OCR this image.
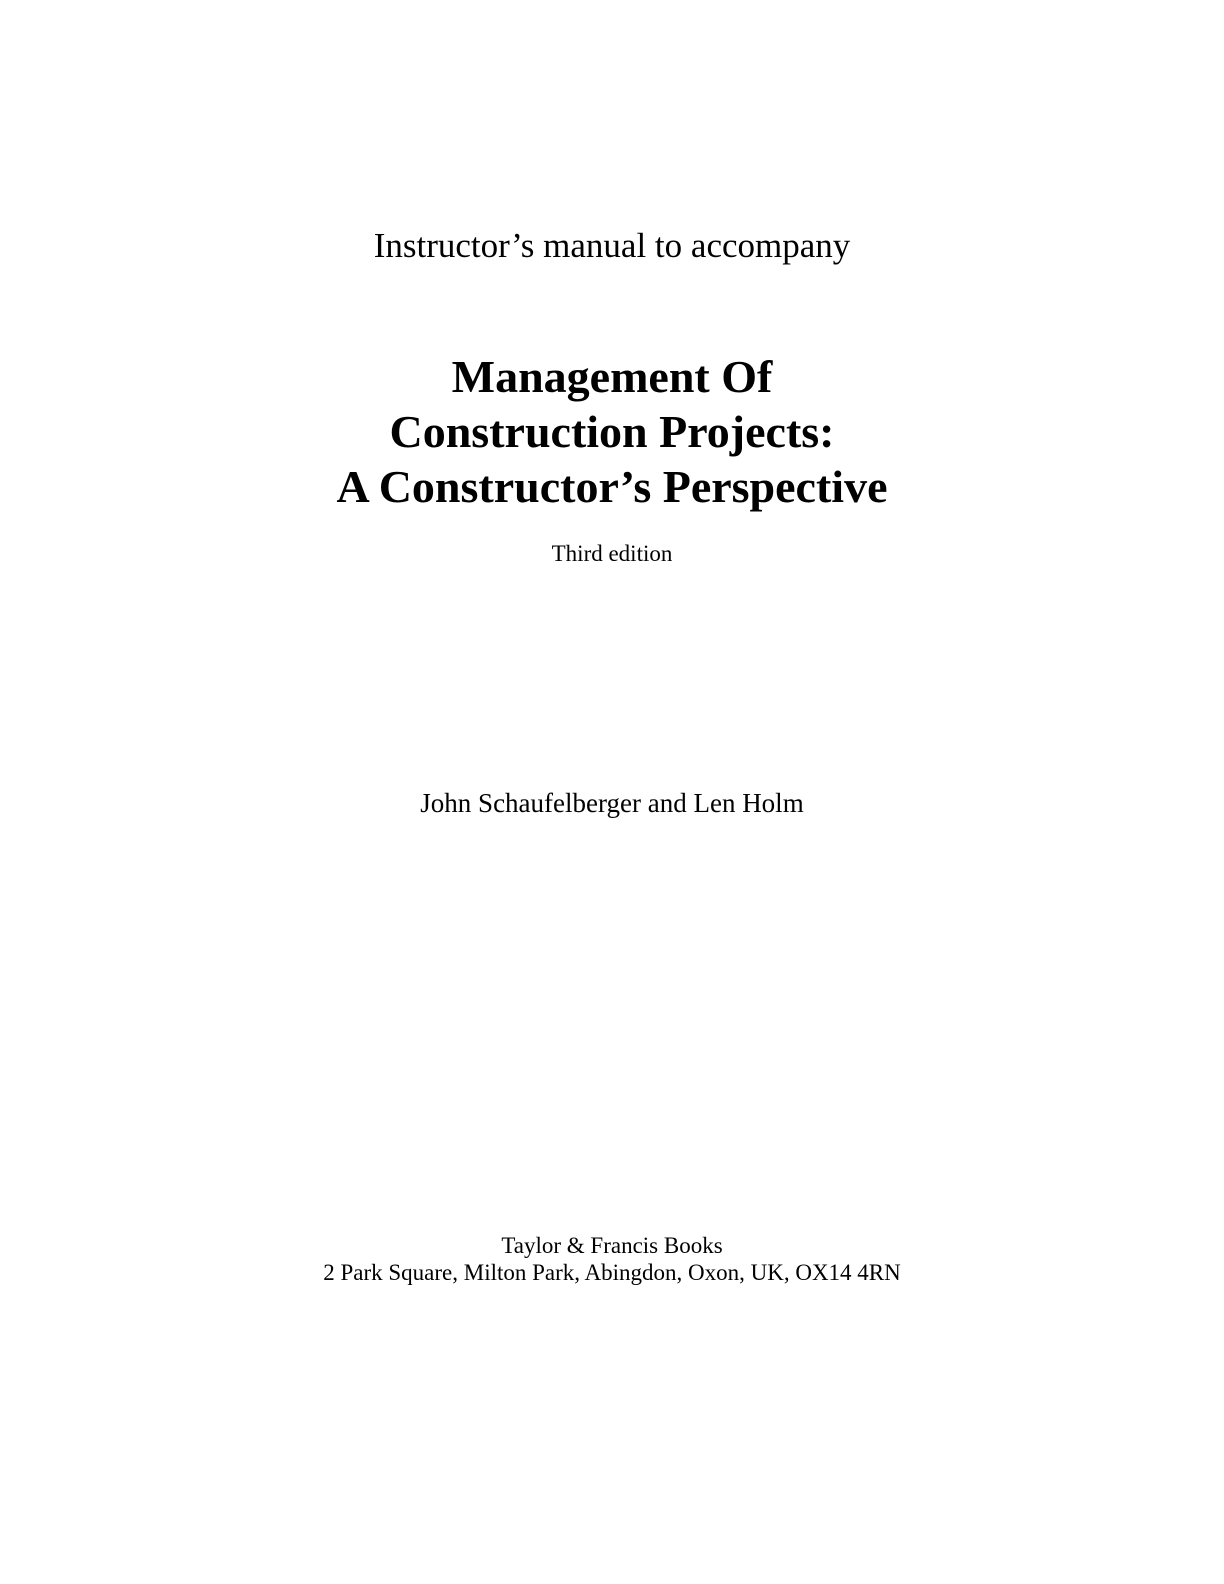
Instructor’s manual to accompany
Management Of
Construction Projects:
A Constructor’s Perspective
Third edition
John Schaufelberger and Len Holm
Taylor & Francis Books
2 Park Square, Milton Park, Abingdon, Oxon, UK, OX14 4RN
